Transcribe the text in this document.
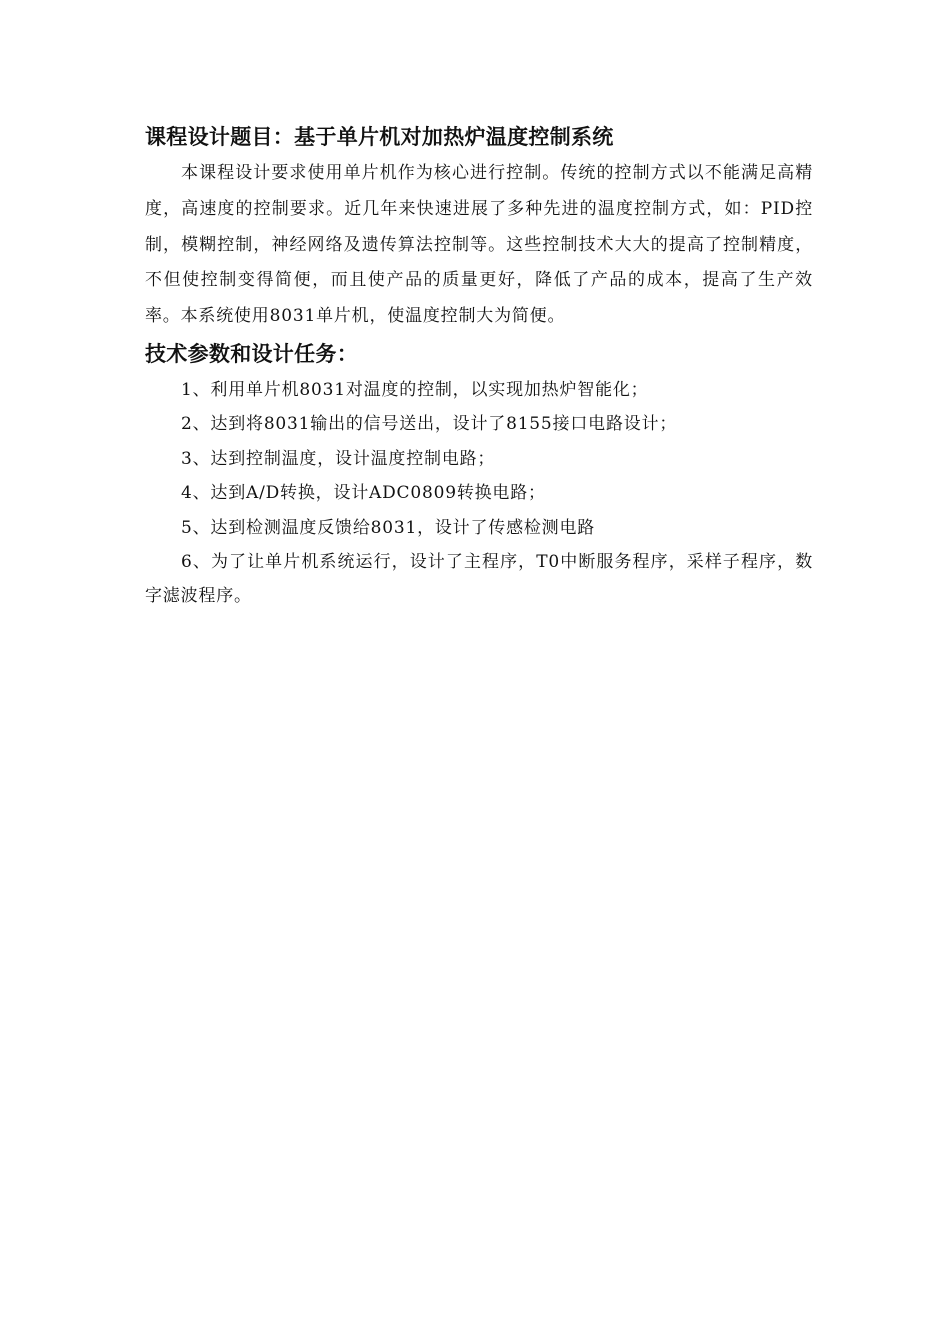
课程设计题目：基于单片机对加热炉温度控制系统

本课程设计要求使用单片机作为核心进行控制。传统的控制方式以不能满足高精度，高速度的控制要求。近几年来快速进展了多种先进的温度控制方式，如：PID控制，模糊控制，神经网络及遗传算法控制等。这些控制技术大大的提高了控制精度，不但使控制变得简便，而且使产品的质量更好，降低了产品的成本，提高了生产效率。本系统使用8031单片机，使温度控制大为简便。

技术参数和设计任务：
1、利用单片机8031对温度的控制，以实现加热炉智能化；
2、达到将8031输出的信号送出，设计了8155接口电路设计；
3、达到控制温度，设计温度控制电路；
4、达到A/D转换，设计ADC0809转换电路；
5、达到检测温度反馈给8031，设计了传感检测电路
6、为了让单片机系统运行，设计了主程序，T0中断服务程序，采样子程序，数字滤波程序。
